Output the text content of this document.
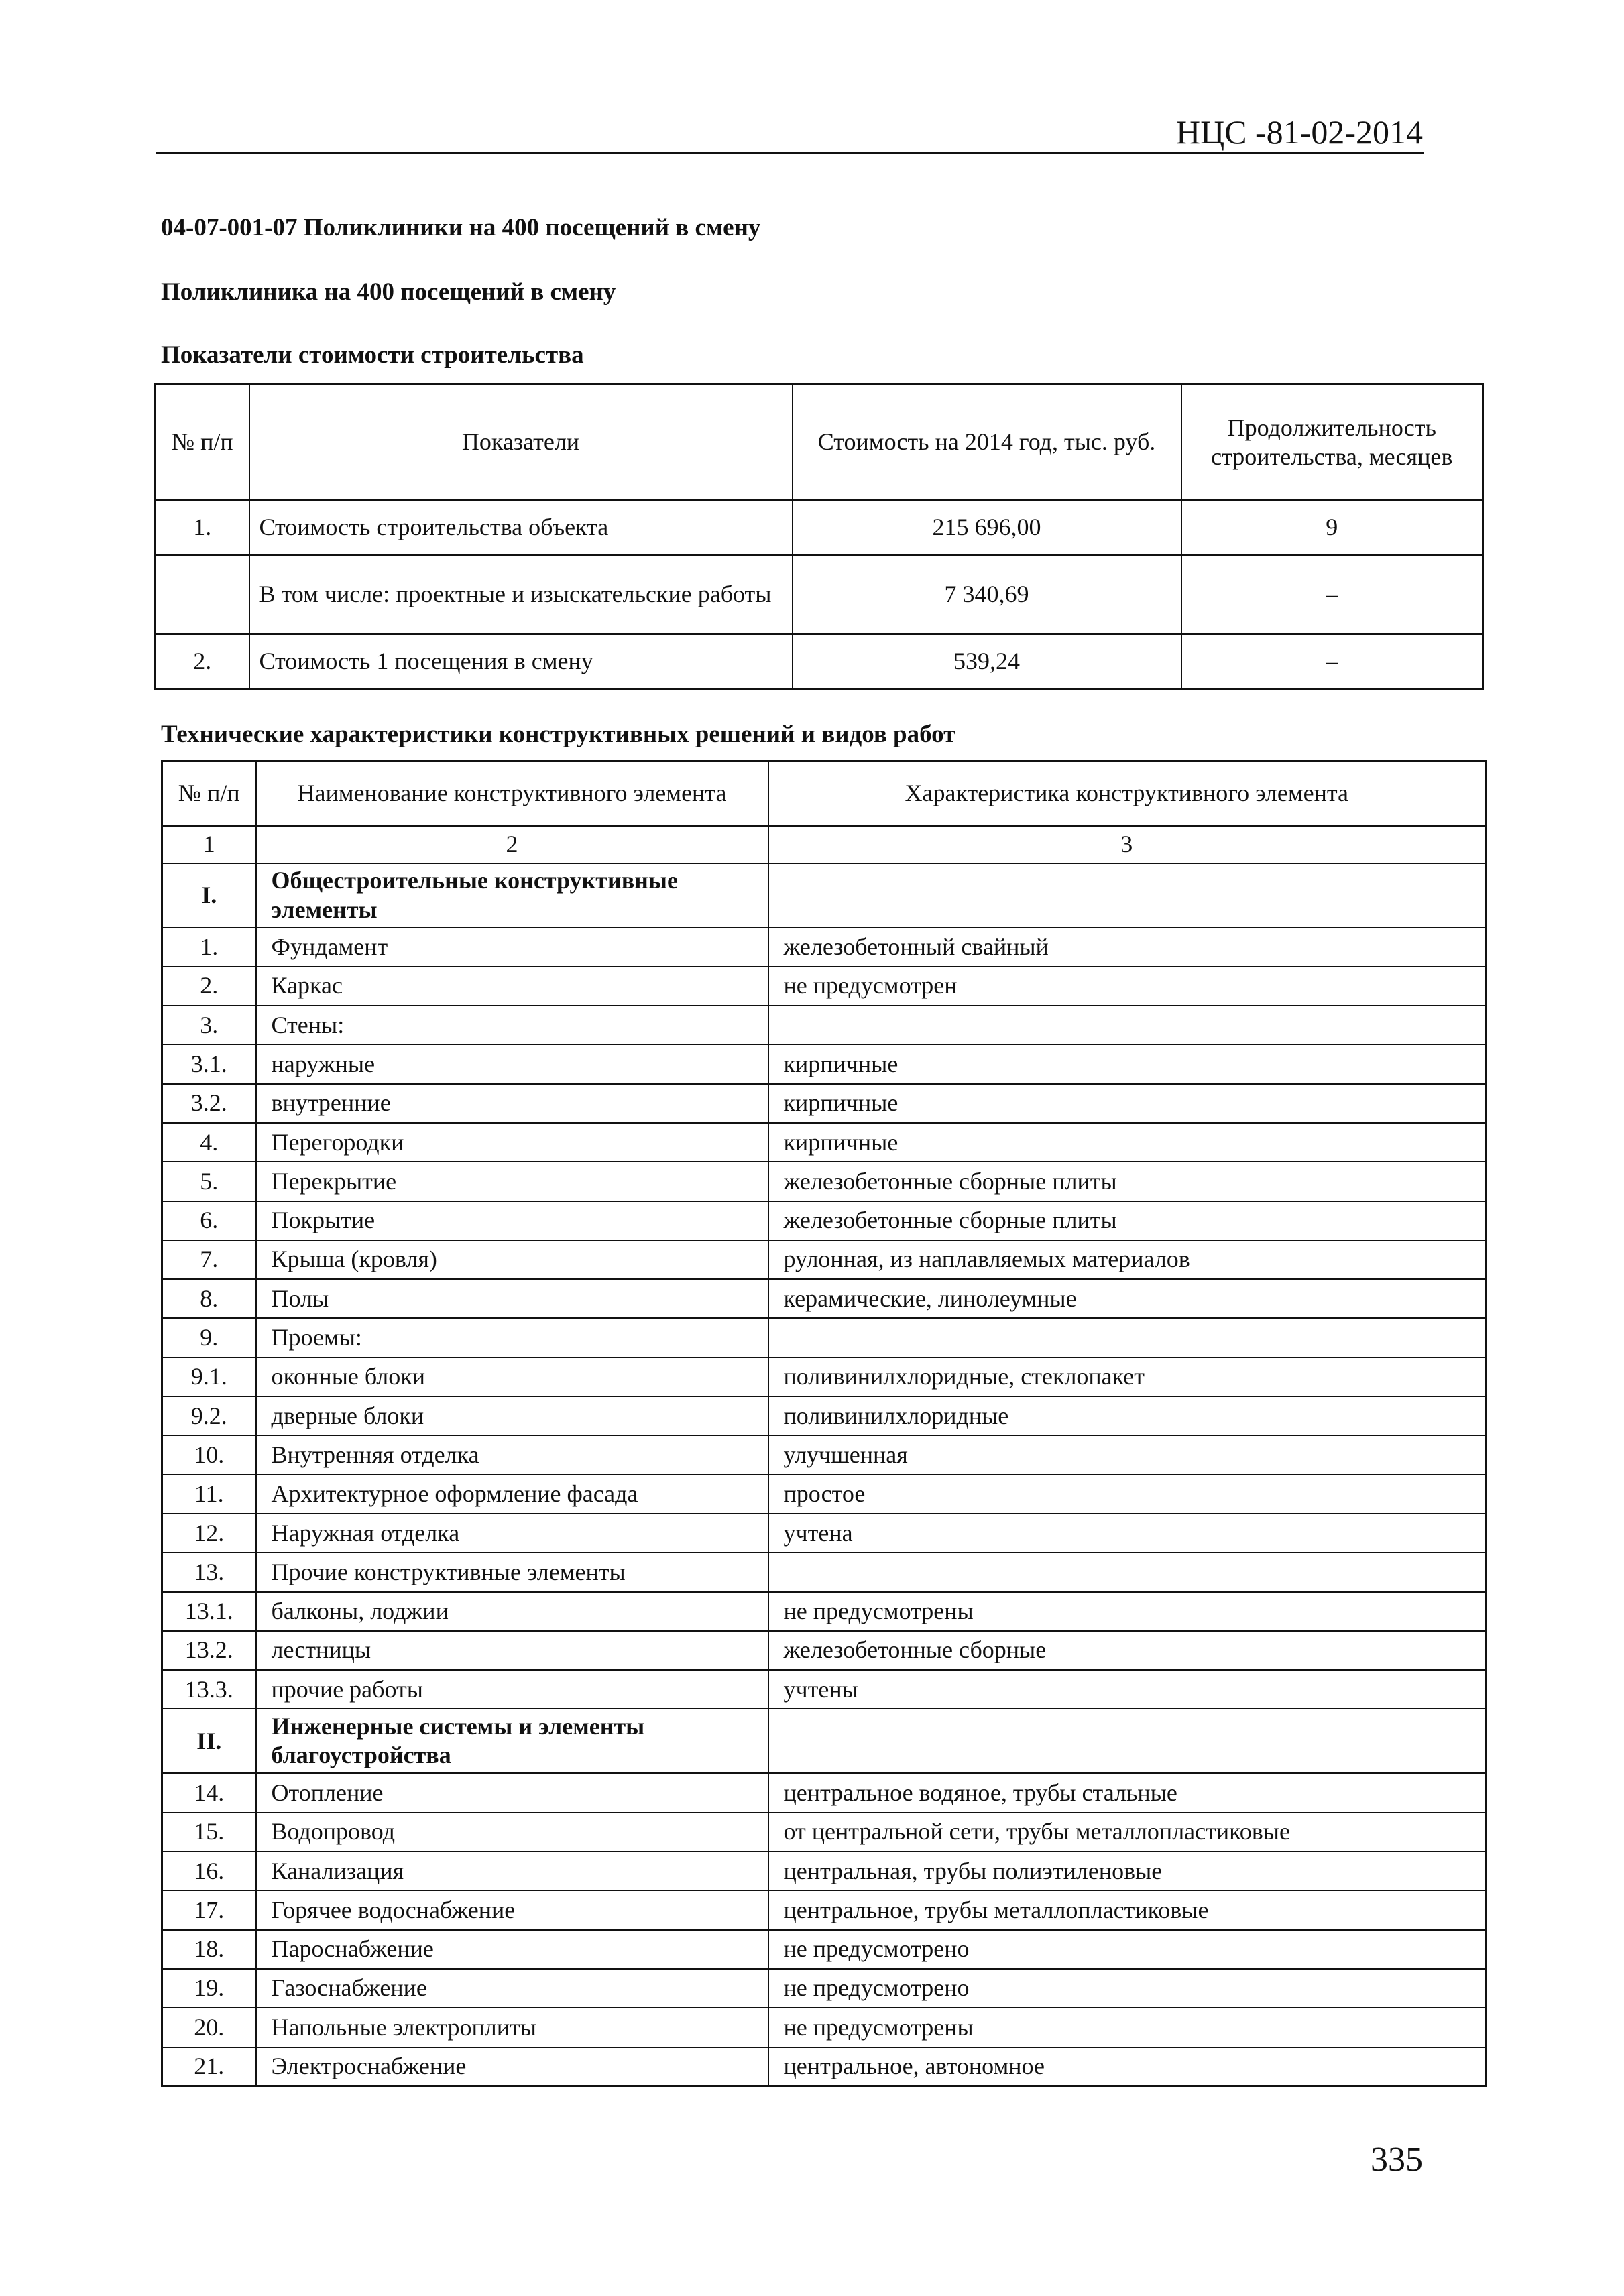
НЦС -81-02-2014
04-07-001-07 Поликлиники на 400 посещений в смену
Поликлиника на 400 посещений в смену
Показатели стоимости строительства
№ п/п	Показатели	Стоимость на 2014 год, тыс. руб.	Продолжительность строительства, месяцев
1.	Стоимость строительства объекта	215 696,00	9
	В том числе: проектные и изыскательские работы	7 340,69	–
2.	Стоимость 1 посещения в смену	539,24	–
Технические характеристики конструктивных решений и видов работ
№ п/п	Наименование конструктивного элемента	Характеристика конструктивного элемента
1	2	3
I.	Общестроительные конструктивные элементы	
1.	Фундамент	железобетонный свайный
2.	Каркас	не предусмотрен
3.	Стены:	
3.1.	наружные	кирпичные
3.2.	внутренние	кирпичные
4.	Перегородки	кирпичные
5.	Перекрытие	железобетонные сборные плиты
6.	Покрытие	железобетонные сборные плиты
7.	Крыша (кровля)	рулонная, из наплавляемых материалов
8.	Полы	керамические, линолеумные
9.	Проемы:	
9.1.	оконные блоки	поливинилхлоридные, стеклопакет
9.2.	дверные блоки	поливинилхлоридные
10.	Внутренняя отделка	улучшенная
11.	Архитектурное оформление фасада	простое
12.	Наружная отделка	учтена
13.	Прочие конструктивные элементы	
13.1.	балконы, лоджии	не предусмотрены
13.2.	лестницы	железобетонные сборные
13.3.	прочие работы	учтены
II.	Инженерные системы и элементы благоустройства	
14.	Отопление	центральное водяное, трубы стальные
15.	Водопровод	от центральной сети, трубы металлопластиковые
16.	Канализация	центральная, трубы полиэтиленовые
17.	Горячее водоснабжение	центральное, трубы металлопластиковые
18.	Пароснабжение	не предусмотрено
19.	Газоснабжение	не предусмотрено
20.	Напольные электроплиты	не предусмотрены
21.	Электроснабжение	центральное, автономное
335
